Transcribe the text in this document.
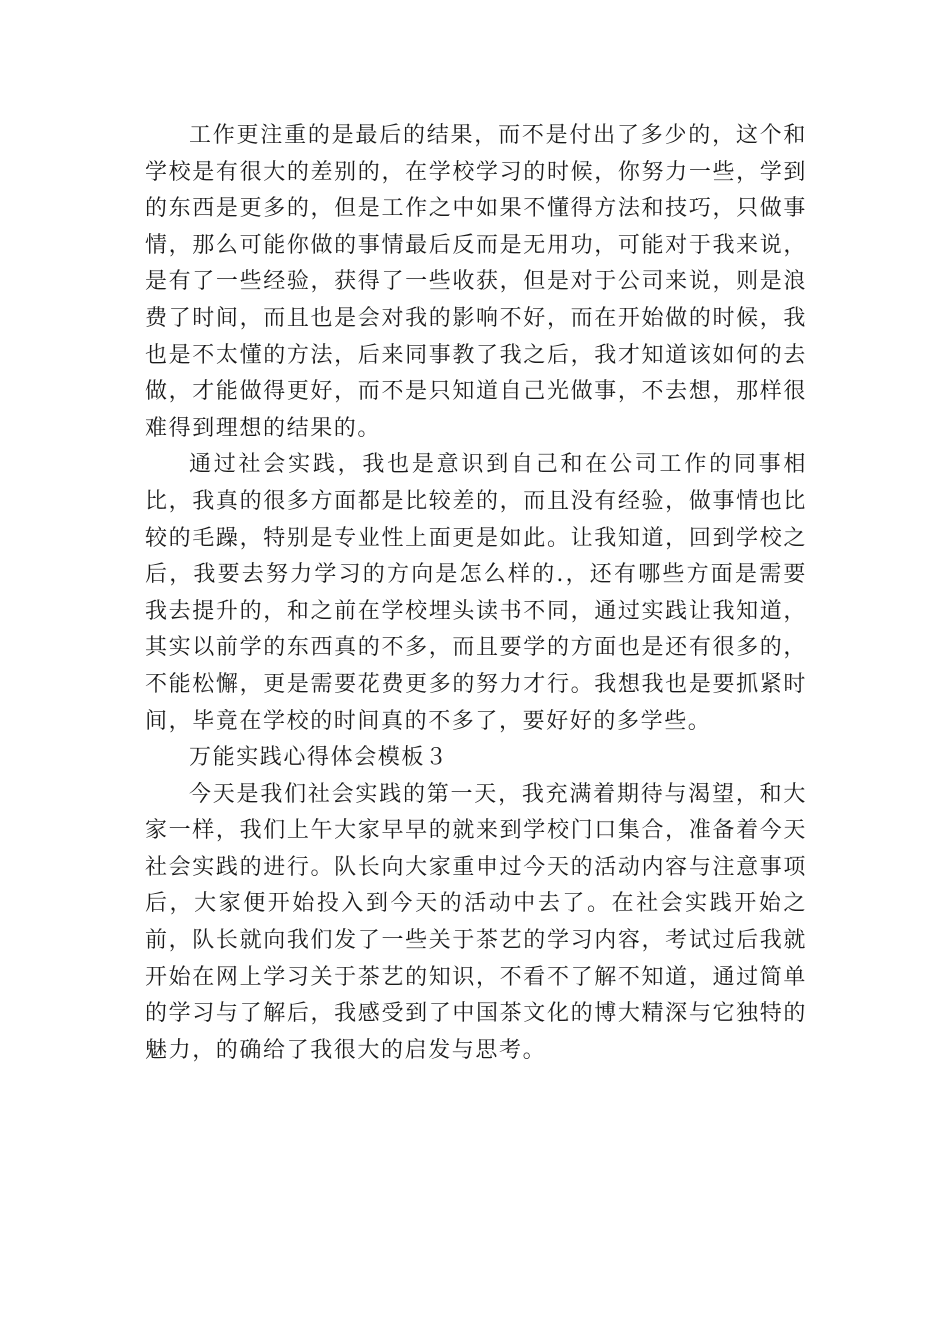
工作更注重的是最后的结果，而不是付出了多少的，这个和学校是有很大的差别的，在学校学习的时候，你努力一些，学到的东西是更多的，但是工作之中如果不懂得方法和技巧，只做事情，那么可能你做的事情最后反而是无用功，可能对于我来说，是有了一些经验，获得了一些收获，但是对于公司来说，则是浪费了时间，而且也是会对我的影响不好，而在开始做的时候，我也是不太懂的方法，后来同事教了我之后，我才知道该如何的去做，才能做得更好，而不是只知道自己光做事，不去想，那样很难得到理想的结果的。

通过社会实践，我也是意识到自己和在公司工作的同事相比，我真的很多方面都是比较差的，而且没有经验，做事情也比较的毛躁，特别是专业性上面更是如此。让我知道，回到学校之后，我要去努力学习的方向是怎么样的.，还有哪些方面是需要我去提升的，和之前在学校埋头读书不同，通过实践让我知道，其实以前学的东西真的不多，而且要学的方面也是还有很多的，不能松懈，更是需要花费更多的努力才行。我想我也是要抓紧时间，毕竟在学校的时间真的不多了，要好好的多学些。

万能实践心得体会模板３

今天是我们社会实践的第一天，我充满着期待与渴望，和大家一样，我们上午大家早早的就来到学校门口集合，准备着今天社会实践的进行。队长向大家重申过今天的活动内容与注意事项后，大家便开始投入到今天的活动中去了。在社会实践开始之前，队长就向我们发了一些关于茶艺的学习内容，考试过后我就开始在网上学习关于茶艺的知识，不看不了解不知道，通过简单的学习与了解后，我感受到了中国茶文化的博大精深与它独特的魅力，的确给了我很大的启发与思考。
